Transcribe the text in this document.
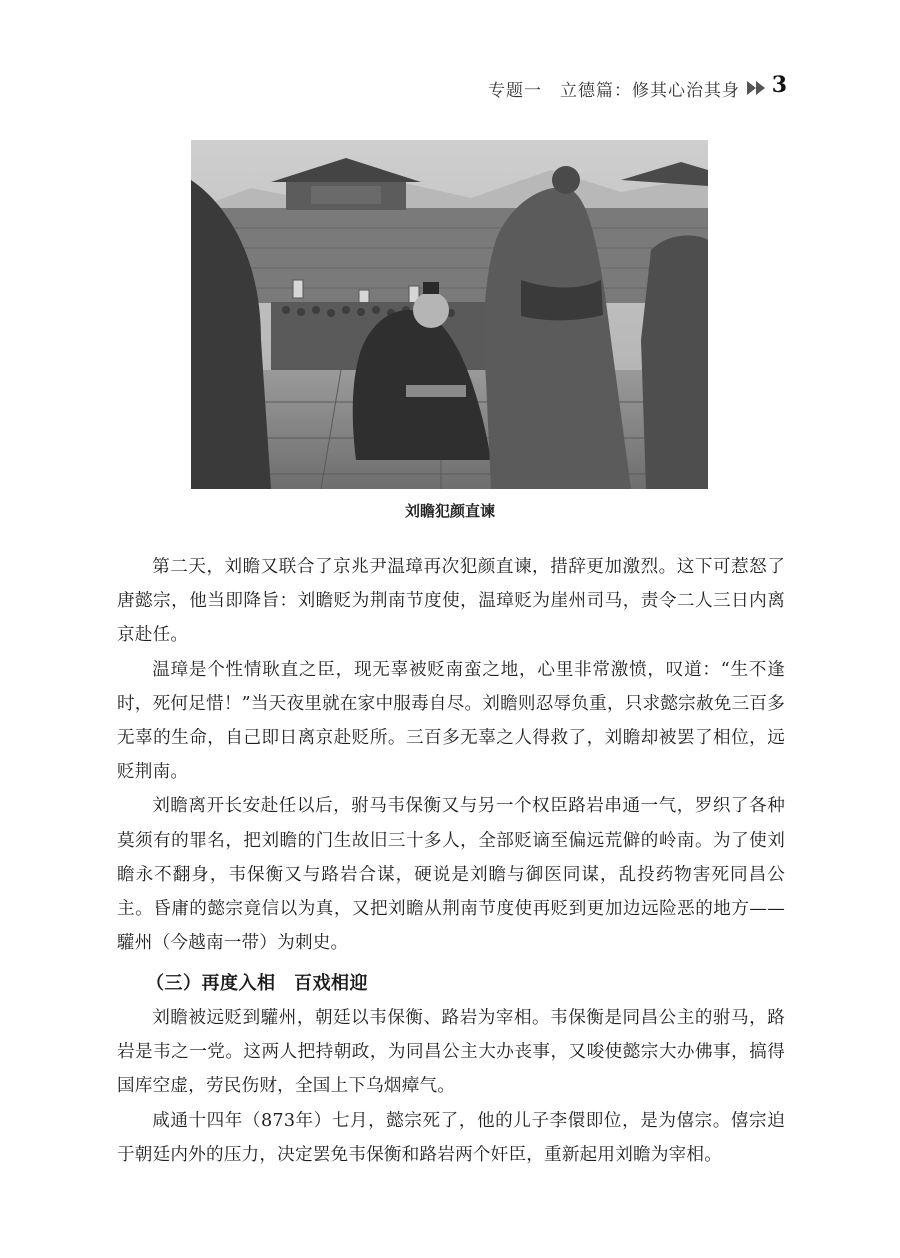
专题一　立德篇：修其心治其身 3
刘瞻犯颜直谏

第二天，刘瞻又联合了京兆尹温璋再次犯颜直谏，措辞更加激烈。这下可惹怒了唐懿宗，他当即降旨：刘瞻贬为荆南节度使，温璋贬为崖州司马，责令二人三日内离京赴任。

温璋是个性情耿直之臣，现无辜被贬南蛮之地，心里非常激愤，叹道：“生不逢时，死何足惜！”当天夜里就在家中服毒自尽。刘瞻则忍辱负重，只求懿宗赦免三百多无辜的生命，自己即日离京赴贬所。三百多无辜之人得救了，刘瞻却被罢了相位，远贬荆南。

刘瞻离开长安赴任以后，驸马韦保衡又与另一个权臣路岩串通一气，罗织了各种莫须有的罪名，把刘瞻的门生故旧三十多人，全部贬谪至偏远荒僻的岭南。为了使刘瞻永不翻身，韦保衡又与路岩合谋，硬说是刘瞻与御医同谋，乱投药物害死同昌公主。昏庸的懿宗竟信以为真，又把刘瞻从荆南节度使再贬到更加边远险恶的地方——驩州（今越南一带）为刺史。

（三）再度入相　百戏相迎

刘瞻被远贬到驩州，朝廷以韦保衡、路岩为宰相。韦保衡是同昌公主的驸马，路岩是韦之一党。这两人把持朝政，为同昌公主大办丧事，又唆使懿宗大办佛事，搞得国库空虚，劳民伤财，全国上下乌烟瘴气。

咸通十四年（873年）七月，懿宗死了，他的儿子李儇即位，是为僖宗。僖宗迫于朝廷内外的压力，决定罢免韦保衡和路岩两个奸臣，重新起用刘瞻为宰相。
